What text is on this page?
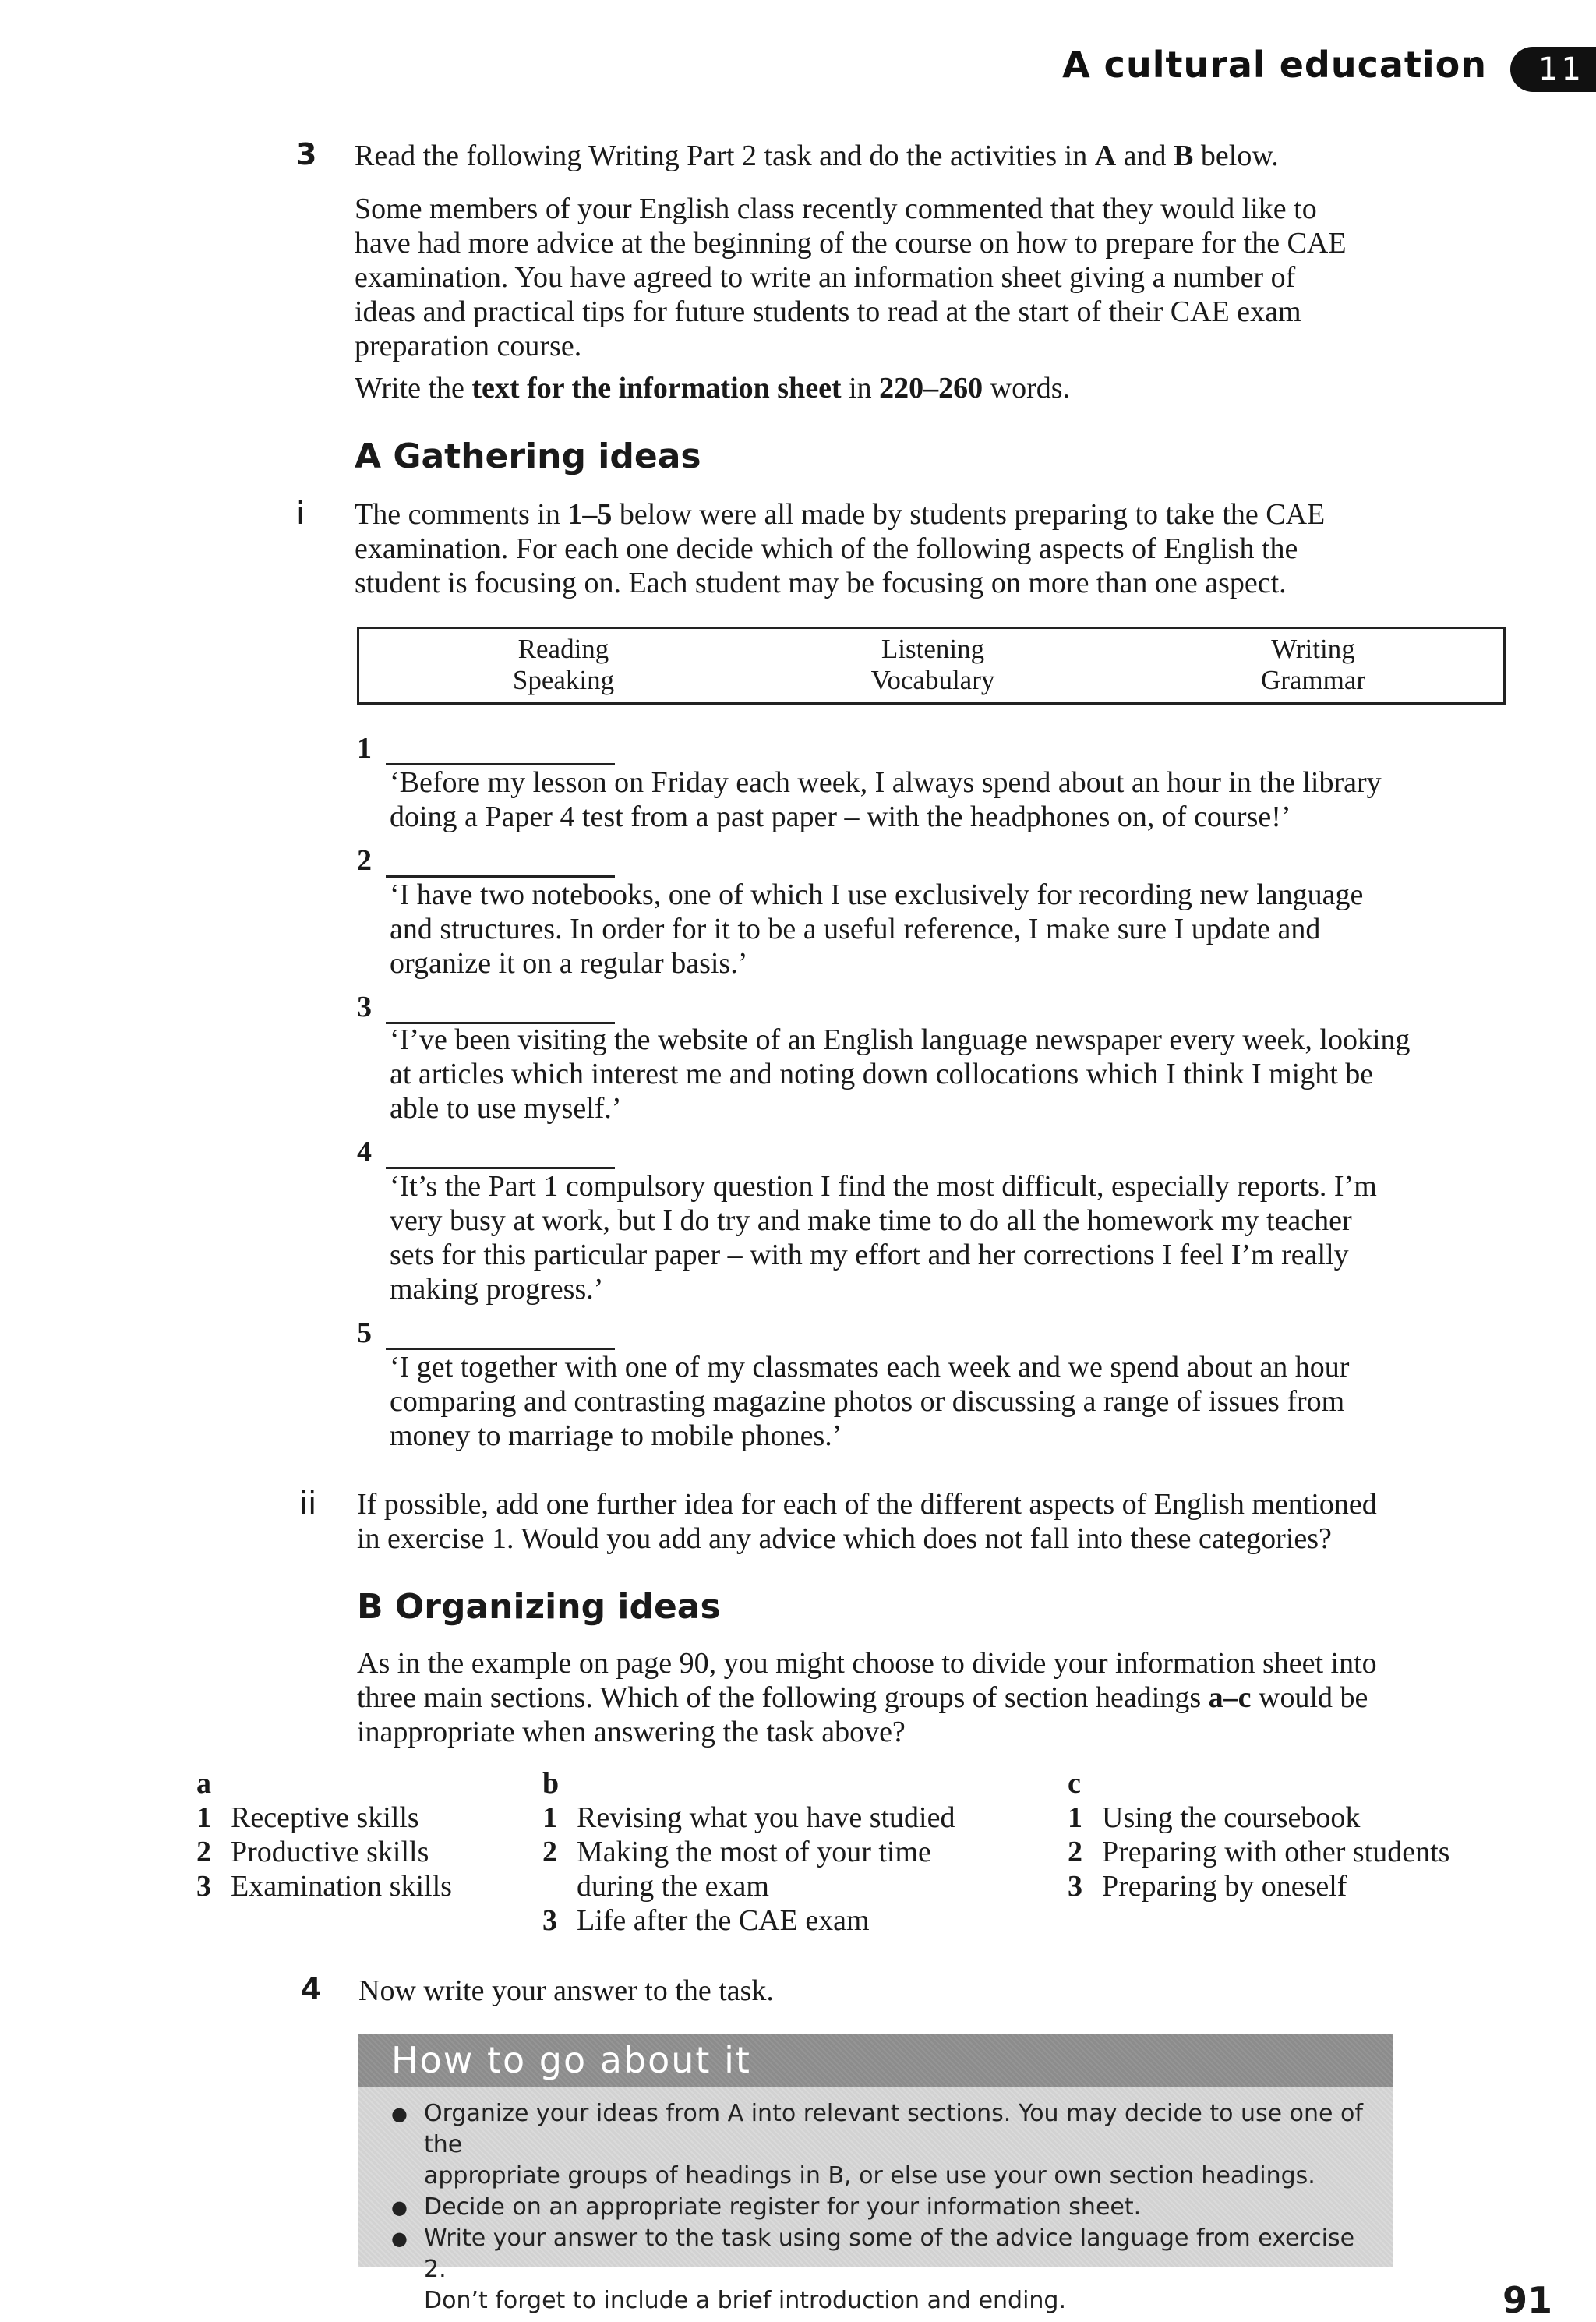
A cultural education	11
3 Read the following Writing Part 2 task and do the activities in A and B below.
Some members of your English class recently commented that they would like to
have had more advice at the beginning of the course on how to prepare for the CAE
examination. You have agreed to write an information sheet giving a number of
ideas and practical tips for future students to read at the start of their CAE exam
preparation course.
Write the text for the information sheet in 220–260 words.
A Gathering ideas
i The comments in 1–5 below were all made by students preparing to take the CAE
examination. For each one decide which of the following aspects of English the
student is focusing on. Each student may be focusing on more than one aspect.
Reading
Speaking
Listening
Vocabulary
Writing
Grammar
1
‘Before my lesson on Friday each week, I always spend about an hour in the library
doing a Paper 4 test from a past paper – with the headphones on, of course!’
2
‘I have two notebooks, one of which I use exclusively for recording new language
and structures. In order for it to be a useful reference, I make sure I update and
organize it on a regular basis.’
3
‘I’ve been visiting the website of an English language newspaper every week, looking
at articles which interest me and noting down collocations which I think I might be
able to use myself.’
4
‘It’s the Part 1 compulsory question I find the most difficult, especially reports. I’m
very busy at work, but I do try and make time to do all the homework my teacher
sets for this particular paper – with my effort and her corrections I feel I’m really
making progress.’
5
‘I get together with one of my classmates each week and we spend about an hour
comparing and contrasting magazine photos or discussing a range of issues from
money to marriage to mobile phones.’
ii If possible, add one further idea for each of the different aspects of English mentioned
in exercise 1. Would you add any advice which does not fall into these categories?
B Organizing ideas
As in the example on page 90, you might choose to divide your information sheet into
three main sections. Which of the following groups of section headings a–c would be
inappropriate when answering the task above?
a
1 Receptive skills
2 Productive skills
3 Examination skills
b
1 Revising what you have studied
2 Making the most of your time
during the exam
3 Life after the CAE exam
c
1 Using the coursebook
2 Preparing with other students
3 Preparing by oneself
4 Now write your answer to the task.
How to go about it
● Organize your ideas from A into relevant sections. You may decide to use one of the
appropriate groups of headings in B, or else use your own section headings.
● Decide on an appropriate register for your information sheet.
● Write your answer to the task using some of the advice language from exercise 2.
Don’t forget to include a brief introduction and ending.	91
